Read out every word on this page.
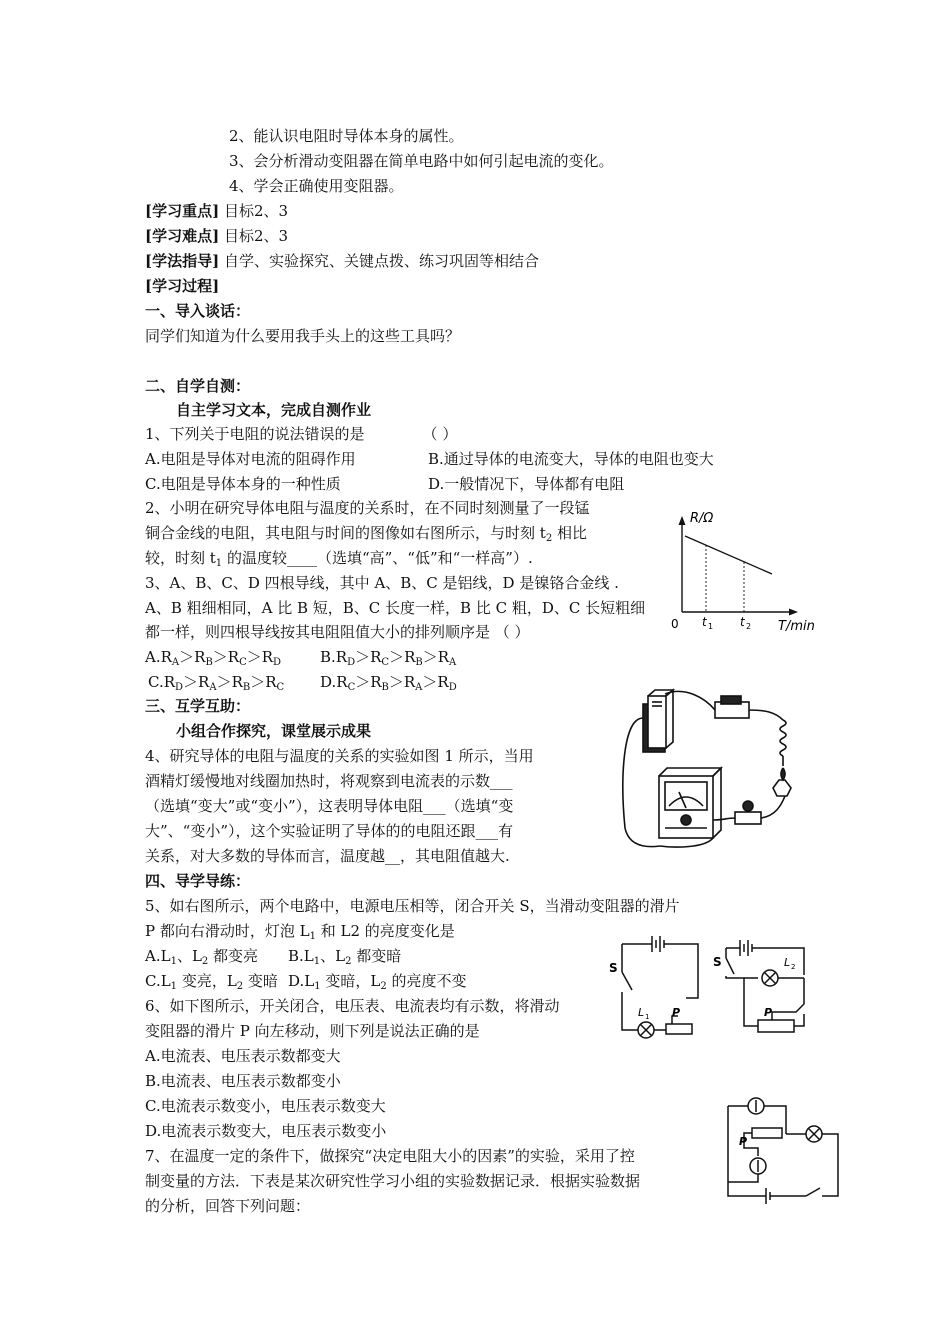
2、能认识电阻时导体本身的属性。
3、会分析滑动变阻器在简单电路中如何引起电流的变化。
4、学会正确使用变阻器。
[学习重点] 目标2、3
[学习难点] 目标2、3
[学法指导] 自学、实验探究、关键点拨、练习巩固等相结合
[学习过程]
一、导入谈话：
同学们知道为什么要用我手头上的这些工具吗？
二、自学自测：
自主学习文本，完成自测作业
1、下列关于电阻的说法错误的是	（ ）
A.电阻是导体对电流的阻碍作用	B.通过导体的电流变大，导体的电阻也变大
C.电阻是导体本身的一种性质	D.一般情况下，导体都有电阻
2、小明在研究导体电阻与温度的关系时，在不同时刻测量了一段锰
铜合金线的电阻，其电阻与时间的图像如右图所示，与时刻 $t_2$ 相比
较，时刻 $t_1$ 的温度较____（选填“高”、“低”和“一样高”）.
R/Ω
T/min
0 t 1 t 2
3、A、B、C、D 四根导线，其中 A、B、C 是铝线，D 是镍铬合金线 .
A、B 粗细相同，A 比 B 短，B、C 长度一样，B 比 C 粗，D、C 长短粗细
都一样，则四根导线按其电阻阻值大小的排列顺序是 （ ）
$A.R_A>R_B>R_C>R_D$	$B.R_D>R_C>R_B>R_A$
$C.R_D>R_A>R_B>R_C$ $D.R_C>R_B>R_A>R_D$
三、互学互助：
小组合作探究，课堂展示成果
4、研究导体的电阻与温度的关系的实验如图 1 所示，当用
酒精灯缓慢地对线圈加热时，将观察到电流表的示数___
（选填“变大”或“变小”），这表明导体电阻___（选填“变
大”、“变小”），这个实验证明了导体的的电阻还跟___有
关系，对大多数的导体而言，温度越__，其电阻值越大.
四、导学导练：
5、如右图所示，两个电路中，电源电压相等，闭合开关 S，当滑动变阻器的滑片
P 都向右滑动时，灯泡 $L_1$ 和 L2 的亮度变化是
$A.L_1$、$L_2$ 都变亮 $B.L_1$、$L_2$ 都变暗
$C.L_1$ 变亮，$L_2$ 变暗 $D.L_1$ 变暗，$L_2$ 的亮度不变
S
L 1 P
S	L 2
P
6、如下图所示，开关闭合，电压表、电流表均有示数，将滑动
变阻器的滑片 P 向左移动，则下列是说法正确的是
A.电流表、电压表示数都变大
B.电流表、电压表示数都变小
C.电流表示数变小，电压表示数变大
D.电流表示数变大，电压表示数变小
P
7、在温度一定的条件下，做探究“决定电阻大小的因素”的实验，采用了控
制变量的方法．下表是某次研究性学习小组的实验数据记录．根据实验数据
的分析，回答下列问题：
